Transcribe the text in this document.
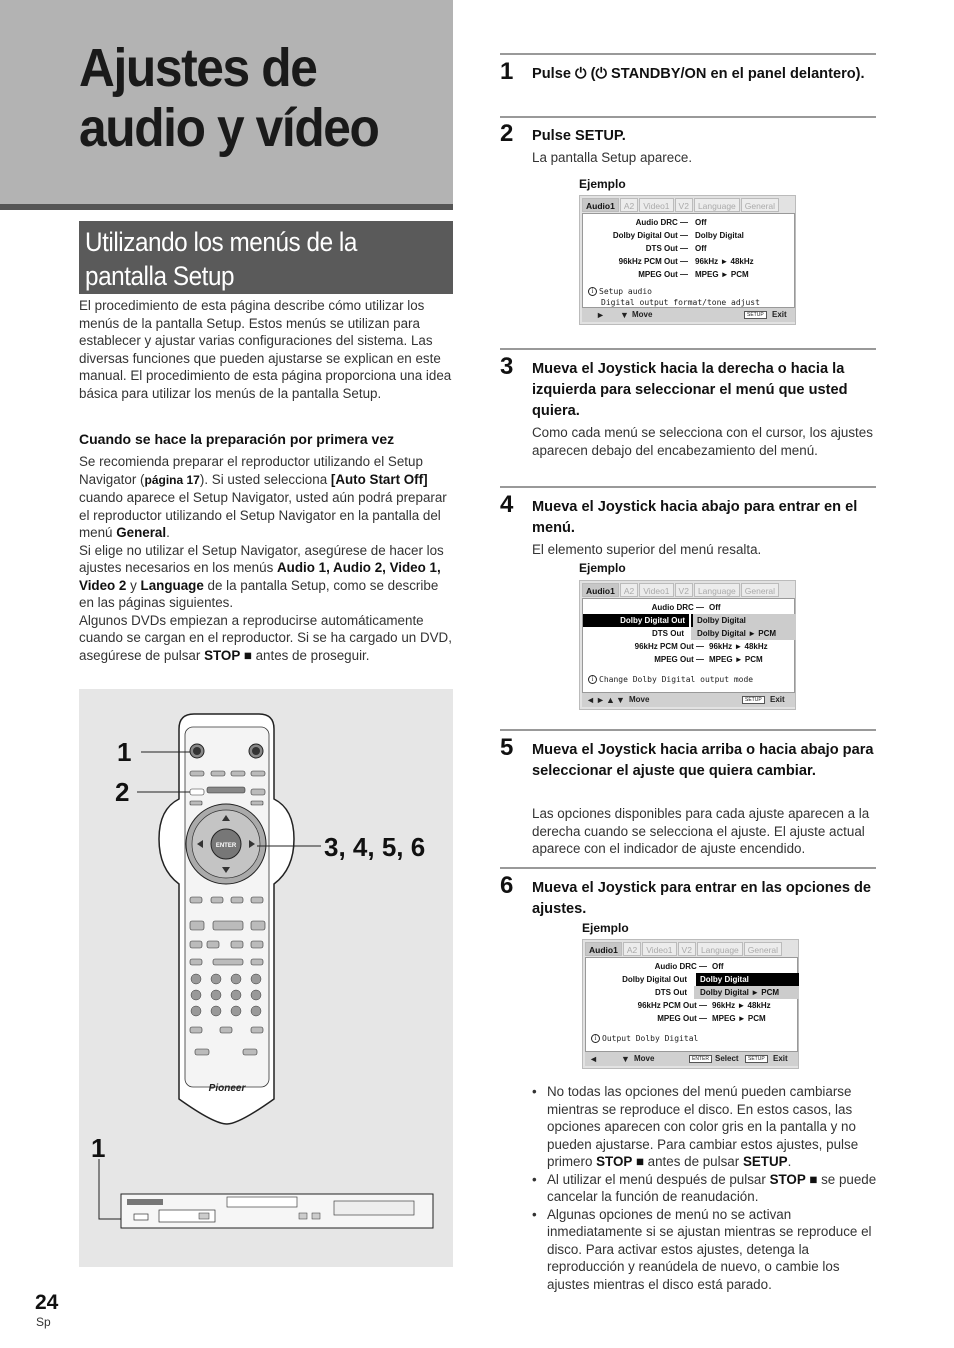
Ajustes de
audio y vídeo
Utilizando los menús de la
pantalla Setup

El procedimiento de esta página describe cómo utilizar los menús de la pantalla Setup. Estos menús se utilizan para establecer y ajustar varias configuraciones del sistema. Las diversas funciones que pueden ajustarse se explican en este manual. El procedimiento de esta página proporciona una idea básica para utilizar los menús de la pantalla Setup.

Cuando se hace la preparación por primera vez
Se recomienda preparar el reproductor utilizando el Setup Navigator (página 17). Si usted selecciona [Auto Start Off] cuando aparece el Setup Navigator, usted aún podrá preparar el reproductor utilizando el Setup Navigator en la pantalla del menú General.
Si elige no utilizar el Setup Navigator, asegúrese de hacer los ajustes necesarios en los menús Audio 1, Audio 2, Video 1, Video 2 y Language de la pantalla Setup, como se describe en las páginas siguientes.
Algunos DVDs empiezan a reproducirse automáticamente cuando se cargan en el reproductor. Si se ha cargado un DVD, asegúrese de pulsar STOP ■ antes de proseguir.
ENTER
Pioneer
1
2
3, 4, 5, 6
1
1 Pulse ⏻ (⏻ STANDBY/ON en el panel delantero).
2 Pulse SETUP.
La pantalla Setup aparece.
Ejemplo
Audio1	A2	Video1	V2	Language	General
Audio DRC — Off
Dolby Digital Out — Dolby Digital
DTS Out — Off
96kHz PCM Out — 96kHz ► 48kHz
MPEG Out — MPEG ► PCM
i Setup audio
Digital output format/tone adjust
► ▼ Move	SETUP	Exit
3 Mueva el Joystick hacia la derecha o hacia la izquierda para seleccionar el menú que usted quiera.
Como cada menú se selecciona con el cursor, los ajustes aparecen debajo del encabezamiento del menú.
4 Mueva el Joystick hacia abajo para entrar en el menú.
El elemento superior del menú resalta.
Ejemplo
Audio1	A2	Video1	V2	Language	General
Audio DRC — Off
Dolby Digital Out	Dolby Digital
DTS Out	Dolby Digital ► PCM
96kHz PCM Out — 96kHz ► 48kHz
MPEG Out — MPEG ► PCM
i Change Dolby Digital output mode
◄ ► ▲ ▼ Move	SETUP	Exit
5 Mueva el Joystick hacia arriba o hacia abajo para seleccionar el ajuste que quiera cambiar.
Las opciones disponibles para cada ajuste aparecen a la derecha cuando se selecciona el ajuste. El ajuste actual aparece con el indicador de ajuste encendido.
6 Mueva el Joystick para entrar en las opciones de ajustes.
Ejemplo
Audio1	A2	Video1	V2	Language	General
Audio DRC — Off
Dolby Digital Out	Dolby Digital
DTS Out	Dolby Digital ► PCM
96kHz PCM Out — 96kHz ► 48kHz
MPEG Out — MPEG ► PCM
i Output Dolby Digital
◄	▼ Move	ENTER Select	SETUP	Exit
• No todas las opciones del menú pueden cambiarse mientras se reproduce el disco. En estos casos, las opciones aparecen con color gris en la pantalla y no pueden ajustarse. Para cambiar estos ajustes, pulse primero STOP ■ antes de pulsar SETUP.
• Al utilizar el menú después de pulsar STOP ■ se puede cancelar la función de reanudación.
• Algunas opciones de menú no se activan inmediatamente si se ajustan mientras se reproduce el disco. Para activar estos ajustes, detenga la reproducción y reanúdela de nuevo, o cambie los ajustes mientras el disco está parado.
24
Sp
